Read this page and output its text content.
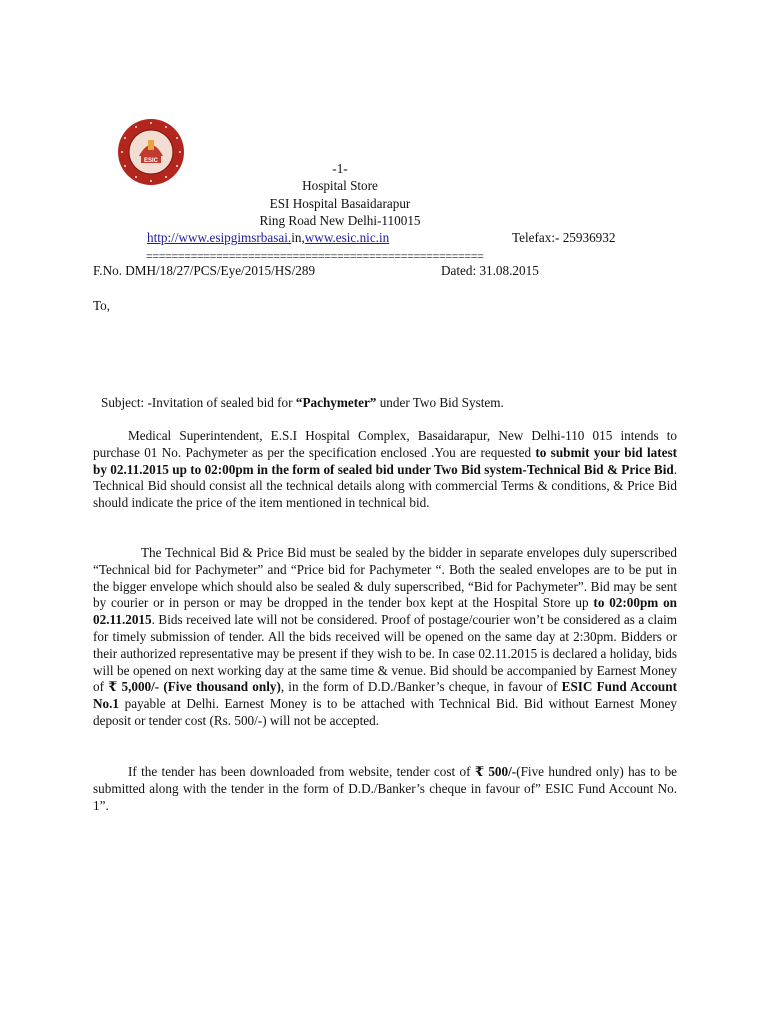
ESIC	-1-
Hospital Store
ESI Hospital Basaidarapur
Ring Road New Delhi-110015
http://www.esipgimsrbasai.in,www.esic.nic.in	Telefax:- 25936932
=====================================================
F.No. DMH/18/27/PCS/Eye/2015/HS/289	Dated: 31.08.2015
To,
Subject: -Invitation of sealed bid for “Pachymeter” under Two Bid System.

Medical Superintendent, E.S.I Hospital Complex, Basaidarapur, New Delhi-110 015 intends to purchase 01 No. Pachymeter as per the specification enclosed .You are requested to submit your bid latest by 02.11.2015 up to 02:00pm in the form of sealed bid under Two Bid system-Technical Bid & Price Bid. Technical Bid should consist all the technical details along with commercial Terms & conditions, & Price Bid should indicate the price of the item mentioned in technical bid.

The Technical Bid & Price Bid must be sealed by the bidder in separate envelopes duly superscribed “Technical bid for Pachymeter” and “Price bid for Pachymeter “. Both the sealed envelopes are to be put in the bigger envelope which should also be sealed & duly superscribed, “Bid for Pachymeter”. Bid may be sent by courier or in person or may be dropped in the tender box kept at the Hospital Store up to 02:00pm on 02.11.2015. Bids received late will not be considered. Proof of postage/courier won’t be considered as a claim for timely submission of tender. All the bids received will be opened on the same day at 2:30pm. Bidders or their authorized representative may be present if they wish to be. In case 02.11.2015 is declared a holiday, bids will be opened on next working day at the same time & venue. Bid should be accompanied by Earnest Money of ₹ 5,000/- (Five thousand only), in the form of D.D./Banker’s cheque, in favour of ESIC Fund Account No.1 payable at Delhi. Earnest Money is to be attached with Technical Bid. Bid without Earnest Money deposit or tender cost (Rs. 500/-) will not be accepted.

If the tender has been downloaded from website, tender cost of ₹ 500/-(Five hundred only) has to be submitted along with the tender in the form of D.D./Banker’s cheque in favour of” ESIC Fund Account No. 1”.
